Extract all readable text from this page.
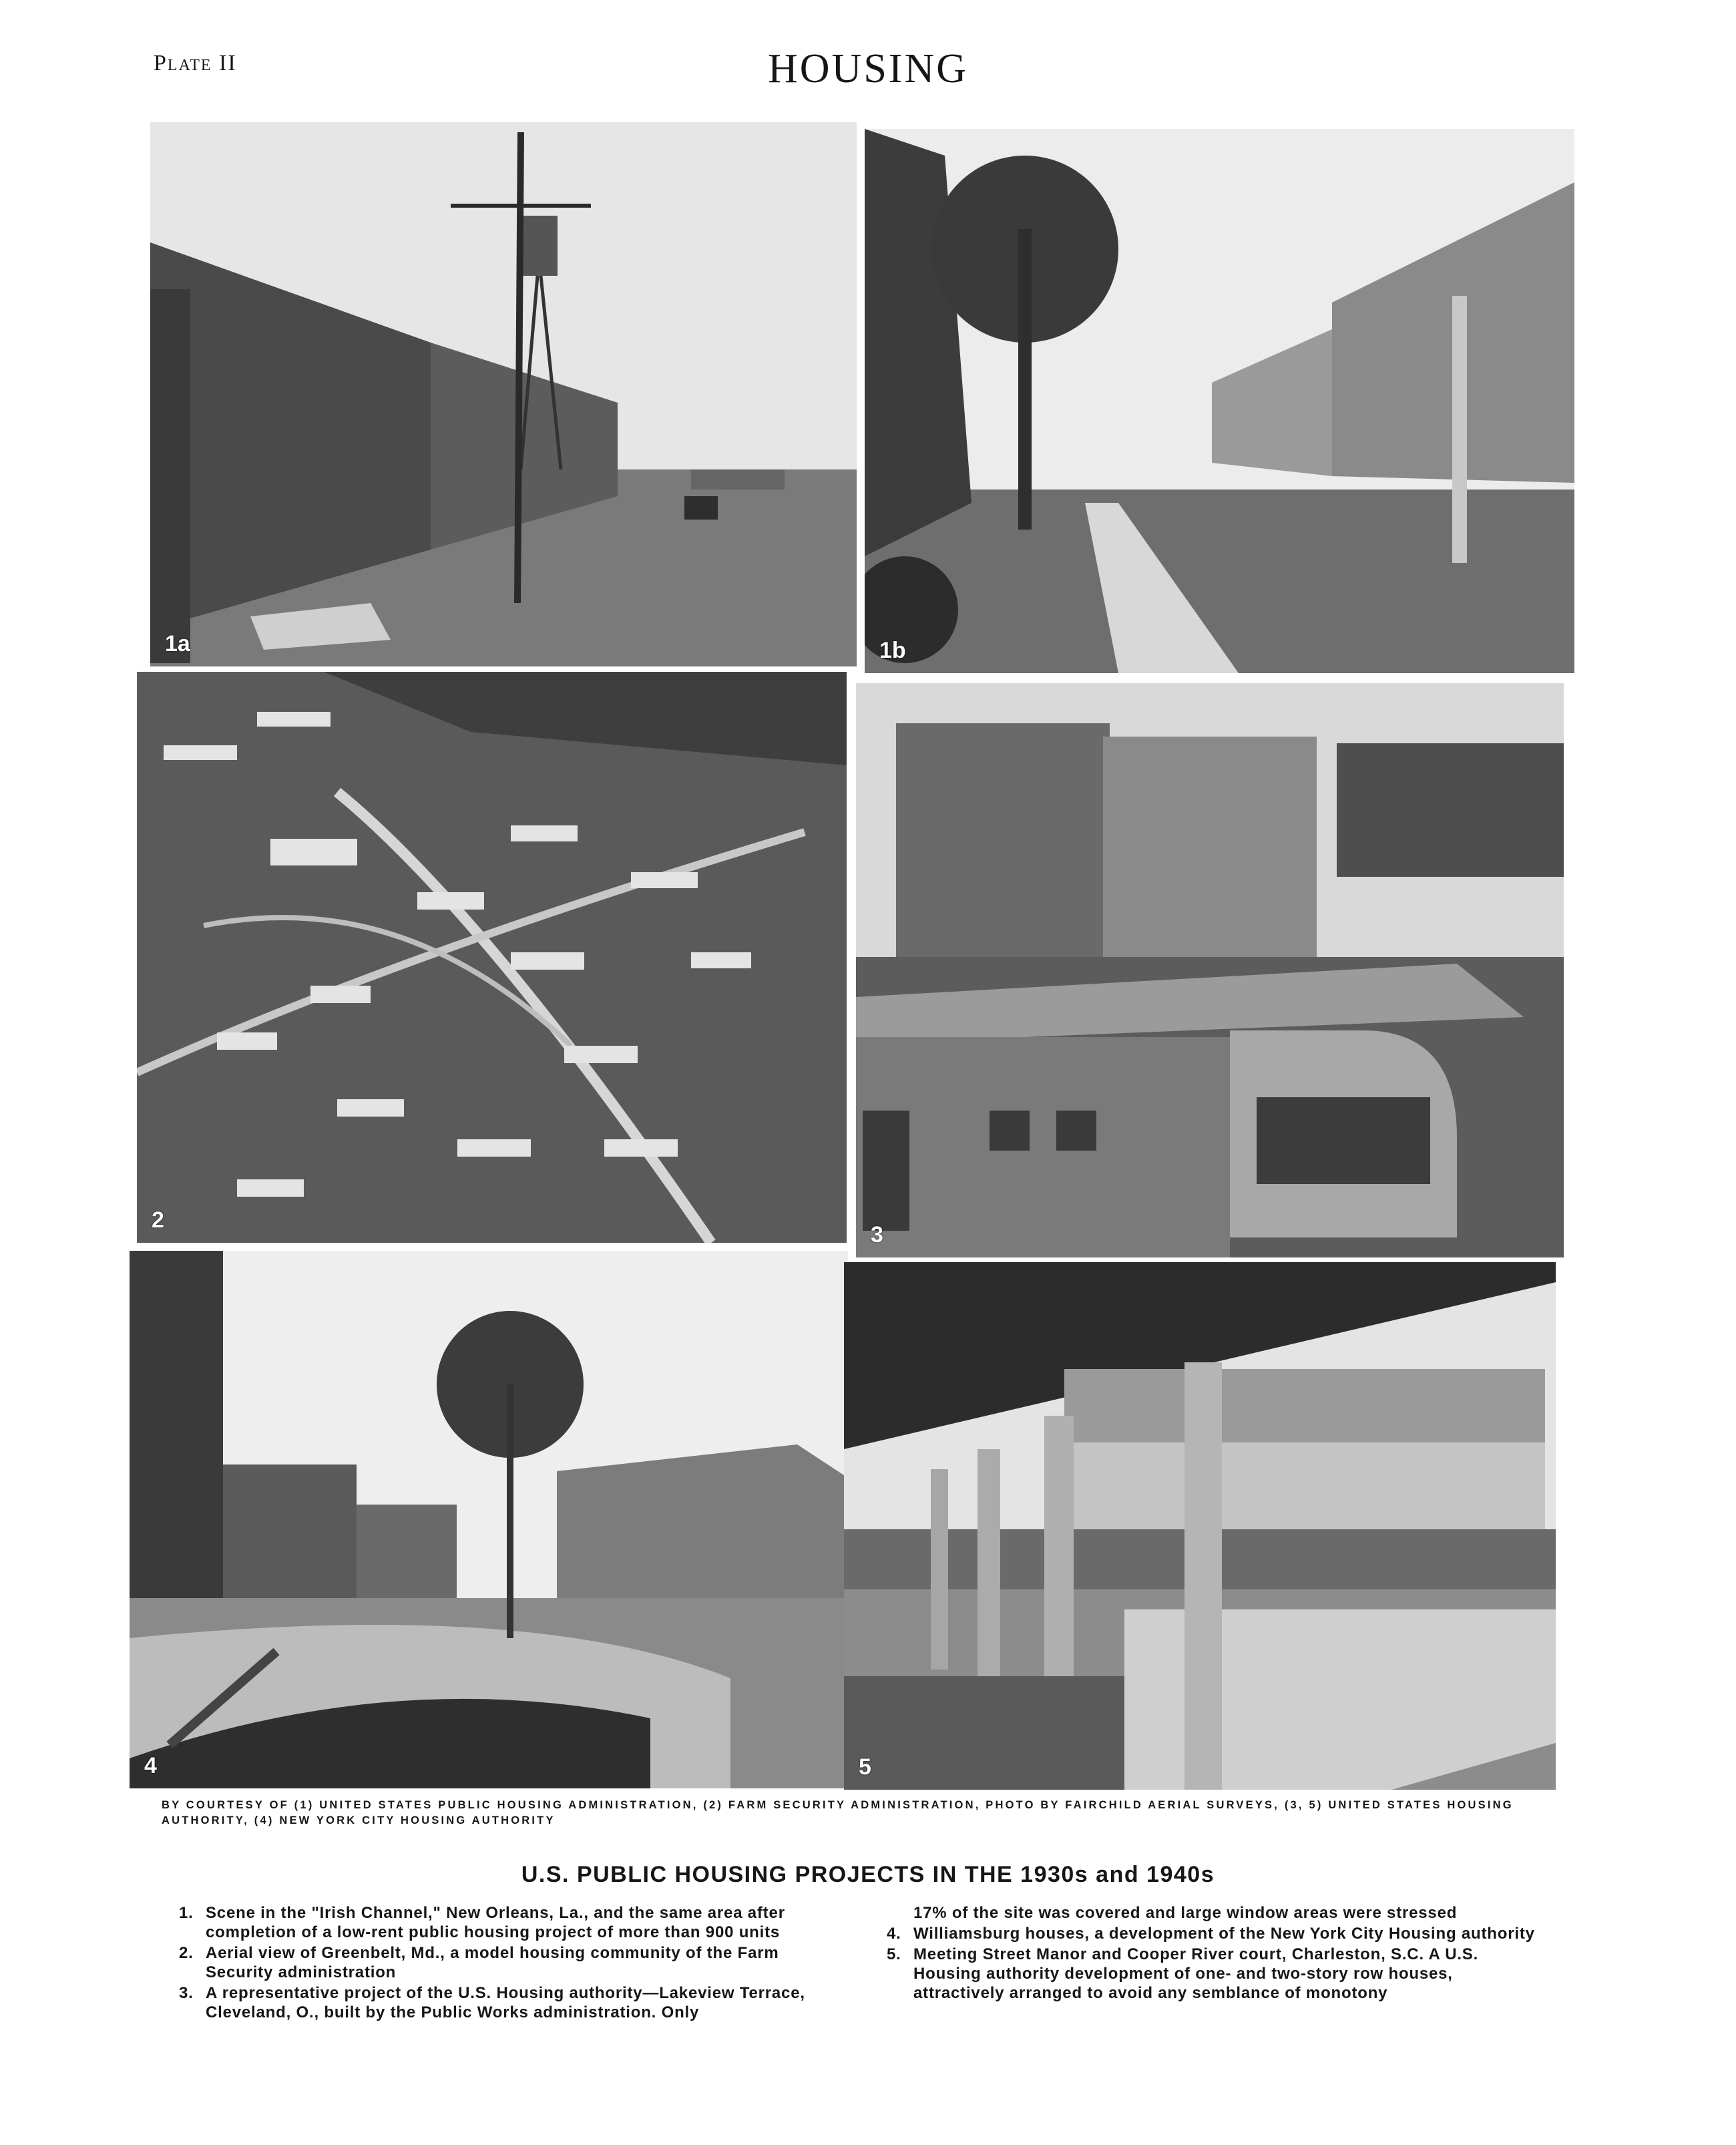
Plate II	HOUSING
1a	1b
2
3
4	5
BY COURTESY OF (1) UNITED STATES PUBLIC HOUSING ADMINISTRATION, (2) FARM SECURITY ADMINISTRATION, PHOTO BY FAIRCHILD AERIAL SURVEYS, (3, 5) UNITED STATES HOUSING
AUTHORITY, (4) NEW YORK CITY HOUSING AUTHORITY
U.S. PUBLIC HOUSING PROJECTS IN THE 1930s and 1940s

1. Scene in the "Irish Channel," New Orleans, La., and the same area after completion of a low-rent public housing project of more than 900 units

2. Aerial view of Greenbelt, Md., a model housing community of the Farm Security administration

3. A representative project of the U.S. Housing authority—Lakeview Terrace, Cleveland, O., built by the Public Works administration. Only

17% of the site was covered and large window areas were stressed

4. Williamsburg houses, a development of the New York City Housing authority

5. Meeting Street Manor and Cooper River court, Charleston, S.C. A U.S. Housing authority development of one- and two-story row houses, attractively arranged to avoid any semblance of monotony
